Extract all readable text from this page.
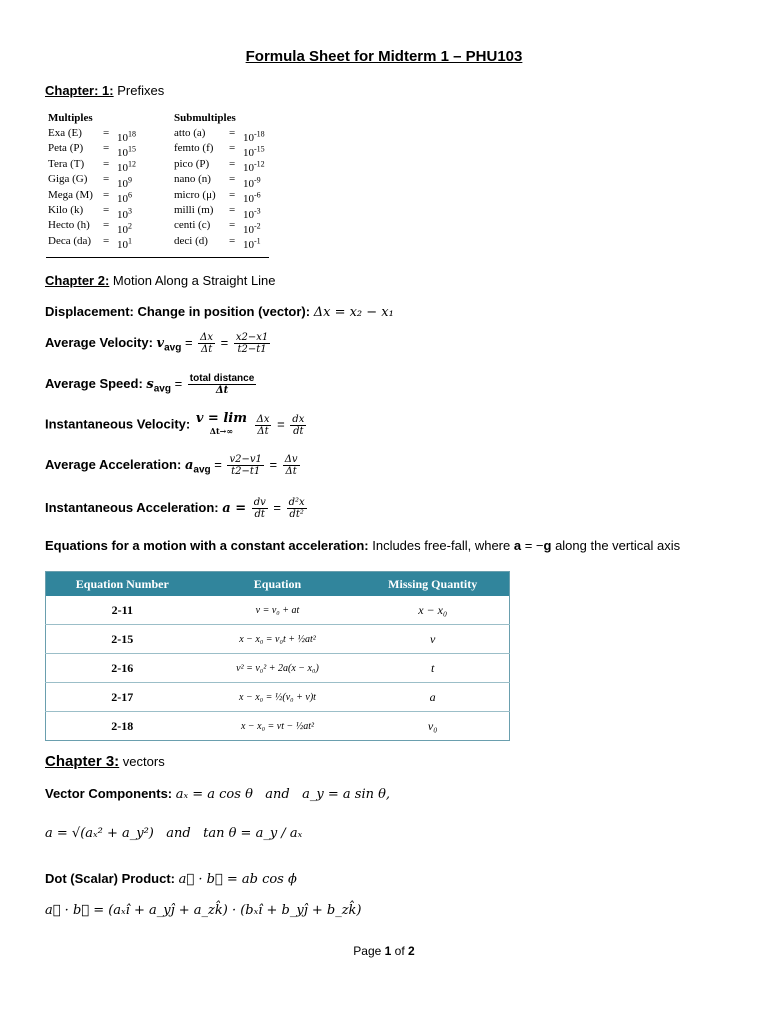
Formula Sheet for Midterm 1 – PHU103
Chapter: 1: Prefixes
Multiples
Exa (E)	= $10^{18}$
Peta (P)	= $10^{15}$
Tera (T)	= $10^{12}$
Giga (G)	= $10^9$
Mega $(M) = 10^6$
Kilo (k)	= $10^3$
Hecto (h)	= $10^2$
Deca (da)	= $10^1$
Submultiples
atto (a)	= $10^{-18}$
femto (f)	= $10^{-15}$
pico (P)	= $10^{-12}$
nano (n)	= $10^{-9}$
micro (μ)	= $10^{-6}$
milli (m)	= $10^{-3}$
centi (c)	= $10^{-2}$
deci (d)	= $10^{-1}$
Chapter 2: Motion Along a Straight Line
Displacement: Change in position (vector): Δx = x₂ − x₁
Average Velocity: $v_{avg} = \frac{\Delta x}{\Delta t} = \frac{x2-x1}{t2-t1}$
Average Speed: $s_{avg} = \frac{\text{total distance}}{\Delta t}$
Instantaneous Velocity: v = lim
Δt→∞
$\frac{\Delta x}{\Delta t} = \frac{dx}{dt}$
Average Acceleration: $a_{avg} = \frac{v2-v1}{t2-t1} = \frac{\Delta v}{\Delta t}$
Instantaneous Acceleration: $a = \frac{dv}{dt} = \frac{\text{d²x}}{\text{dt²}}$
Equations for a motion with a constant acceleration: Includes free-fall, where a = −g along the vertical axis
Equation Number	Equation	Missing Quantity
2-11	v = v₀ + at	x − x₀
2-15	x − x₀ = v₀t + ½at²	v
2-16	v² = v₀² + 2a(x − x₀)	t
2-17	x − x₀ = ½(v₀ + v)t	a
2-18	x − x₀ = vt − ½at²	v₀
Chapter 3: vectors
Vector Components: aₓ = a cos θ   and   a_y = a sin θ,
a = √(aₓ² + a_y²)   and   tan θ = a_y / aₓ
Dot (Scalar) Product: a⃗ · b⃗ = ab cos ϕ
a⃗ · b⃗ = (aₓî + a_yĵ + a_zk̂) · (bₓî + b_yĵ + b_zk̂)
Page 1 of 2
